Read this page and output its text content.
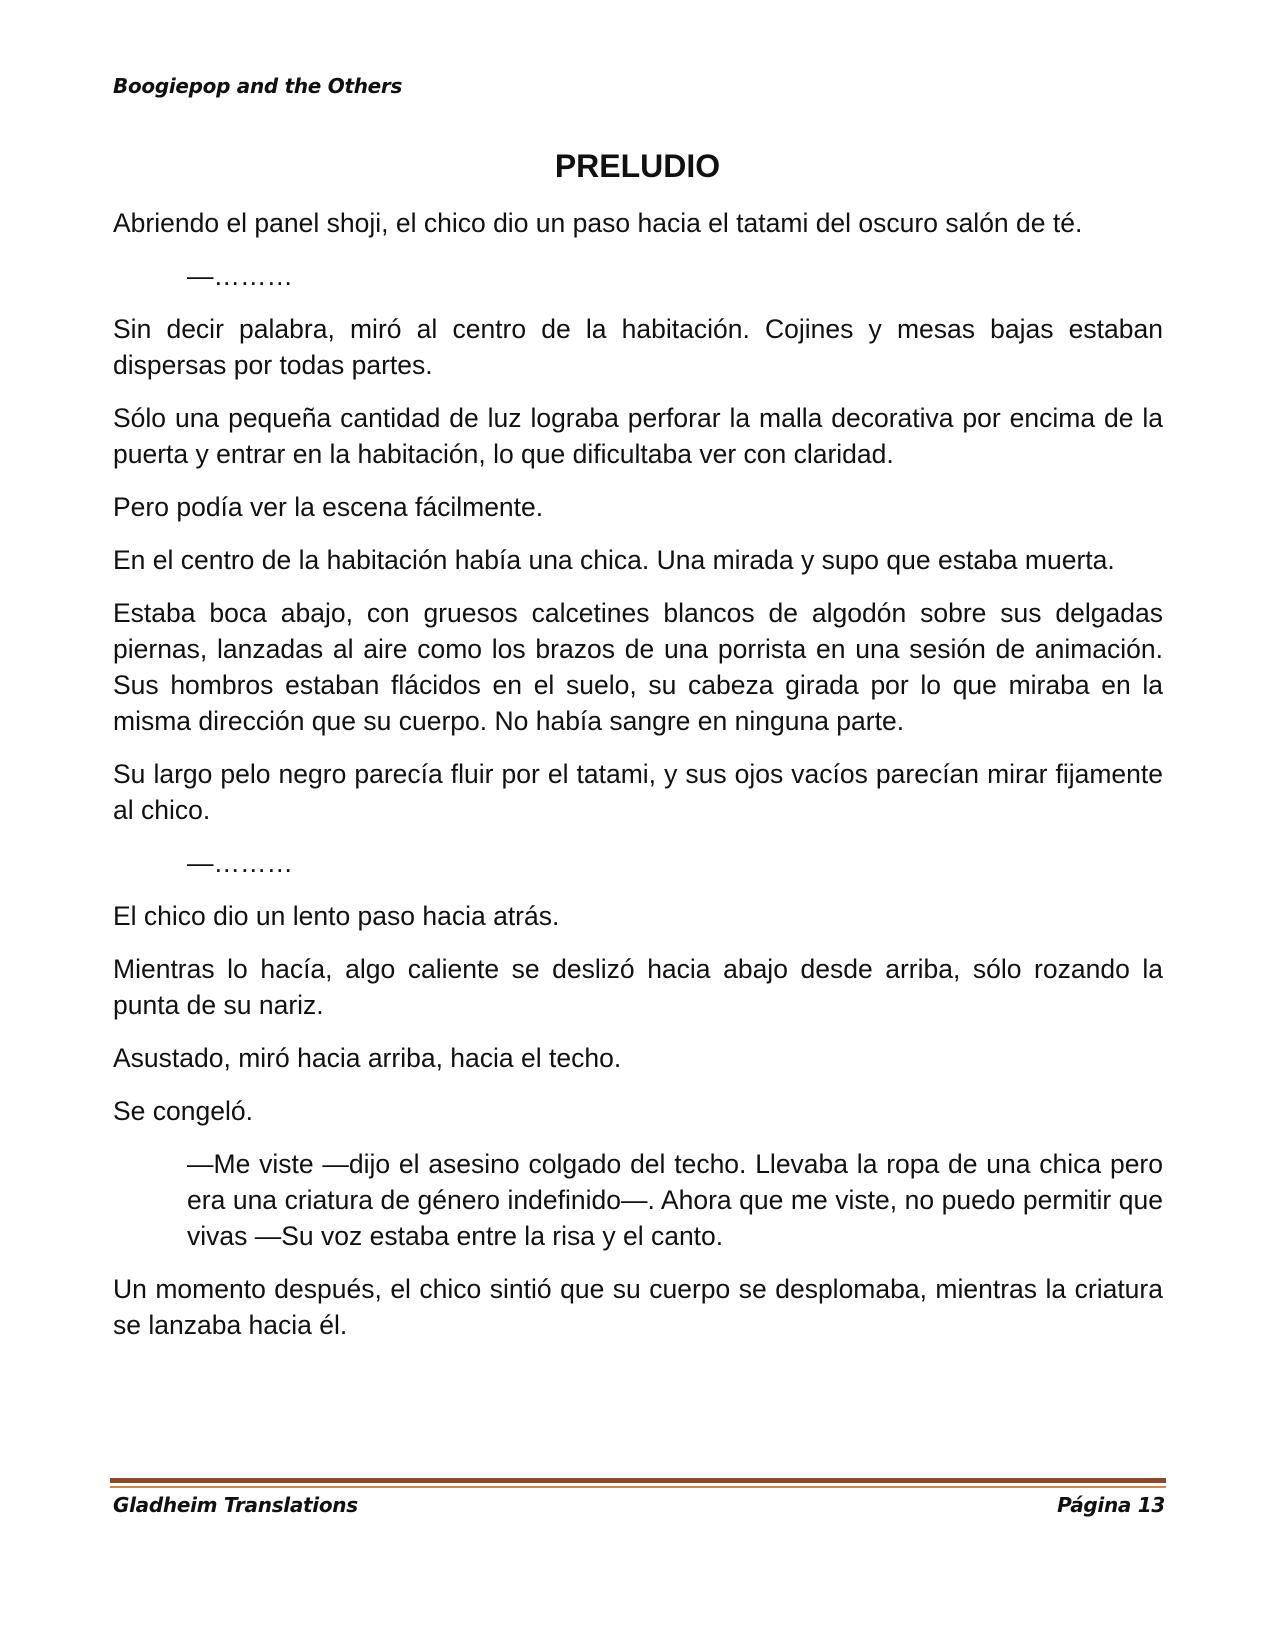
Boogiepop and the Others
PRELUDIO

Abriendo el panel shoji, el chico dio un paso hacia el tatami del oscuro salón de té.

—………

Sin decir palabra, miró al centro de la habitación. Cojines y mesas bajas estaban dispersas por todas partes.

Sólo una pequeña cantidad de luz lograba perforar la malla decorativa por encima de la puerta y entrar en la habitación, lo que dificultaba ver con claridad.

Pero podía ver la escena fácilmente.

En el centro de la habitación había una chica. Una mirada y supo que estaba muerta.

Estaba boca abajo, con gruesos calcetines blancos de algodón sobre sus delgadas piernas, lanzadas al aire como los brazos de una porrista en una sesión de animación. Sus hombros estaban flácidos en el suelo, su cabeza girada por lo que miraba en la misma dirección que su cuerpo. No había sangre en ninguna parte.

Su largo pelo negro parecía fluir por el tatami, y sus ojos vacíos parecían mirar fijamente al chico.

—………

El chico dio un lento paso hacia atrás.

Mientras lo hacía, algo caliente se deslizó hacia abajo desde arriba, sólo rozando la punta de su nariz.

Asustado, miró hacia arriba, hacia el techo.

Se congeló.

—Me viste —dijo el asesino colgado del techo. Llevaba la ropa de una chica pero era una criatura de género indefinido—. Ahora que me viste, no puedo permitir que vivas —Su voz estaba entre la risa y el canto.

Un momento después, el chico sintió que su cuerpo se desplomaba, mientras la criatura se lanzaba hacia él.

Gladheim Translations	Página 13
